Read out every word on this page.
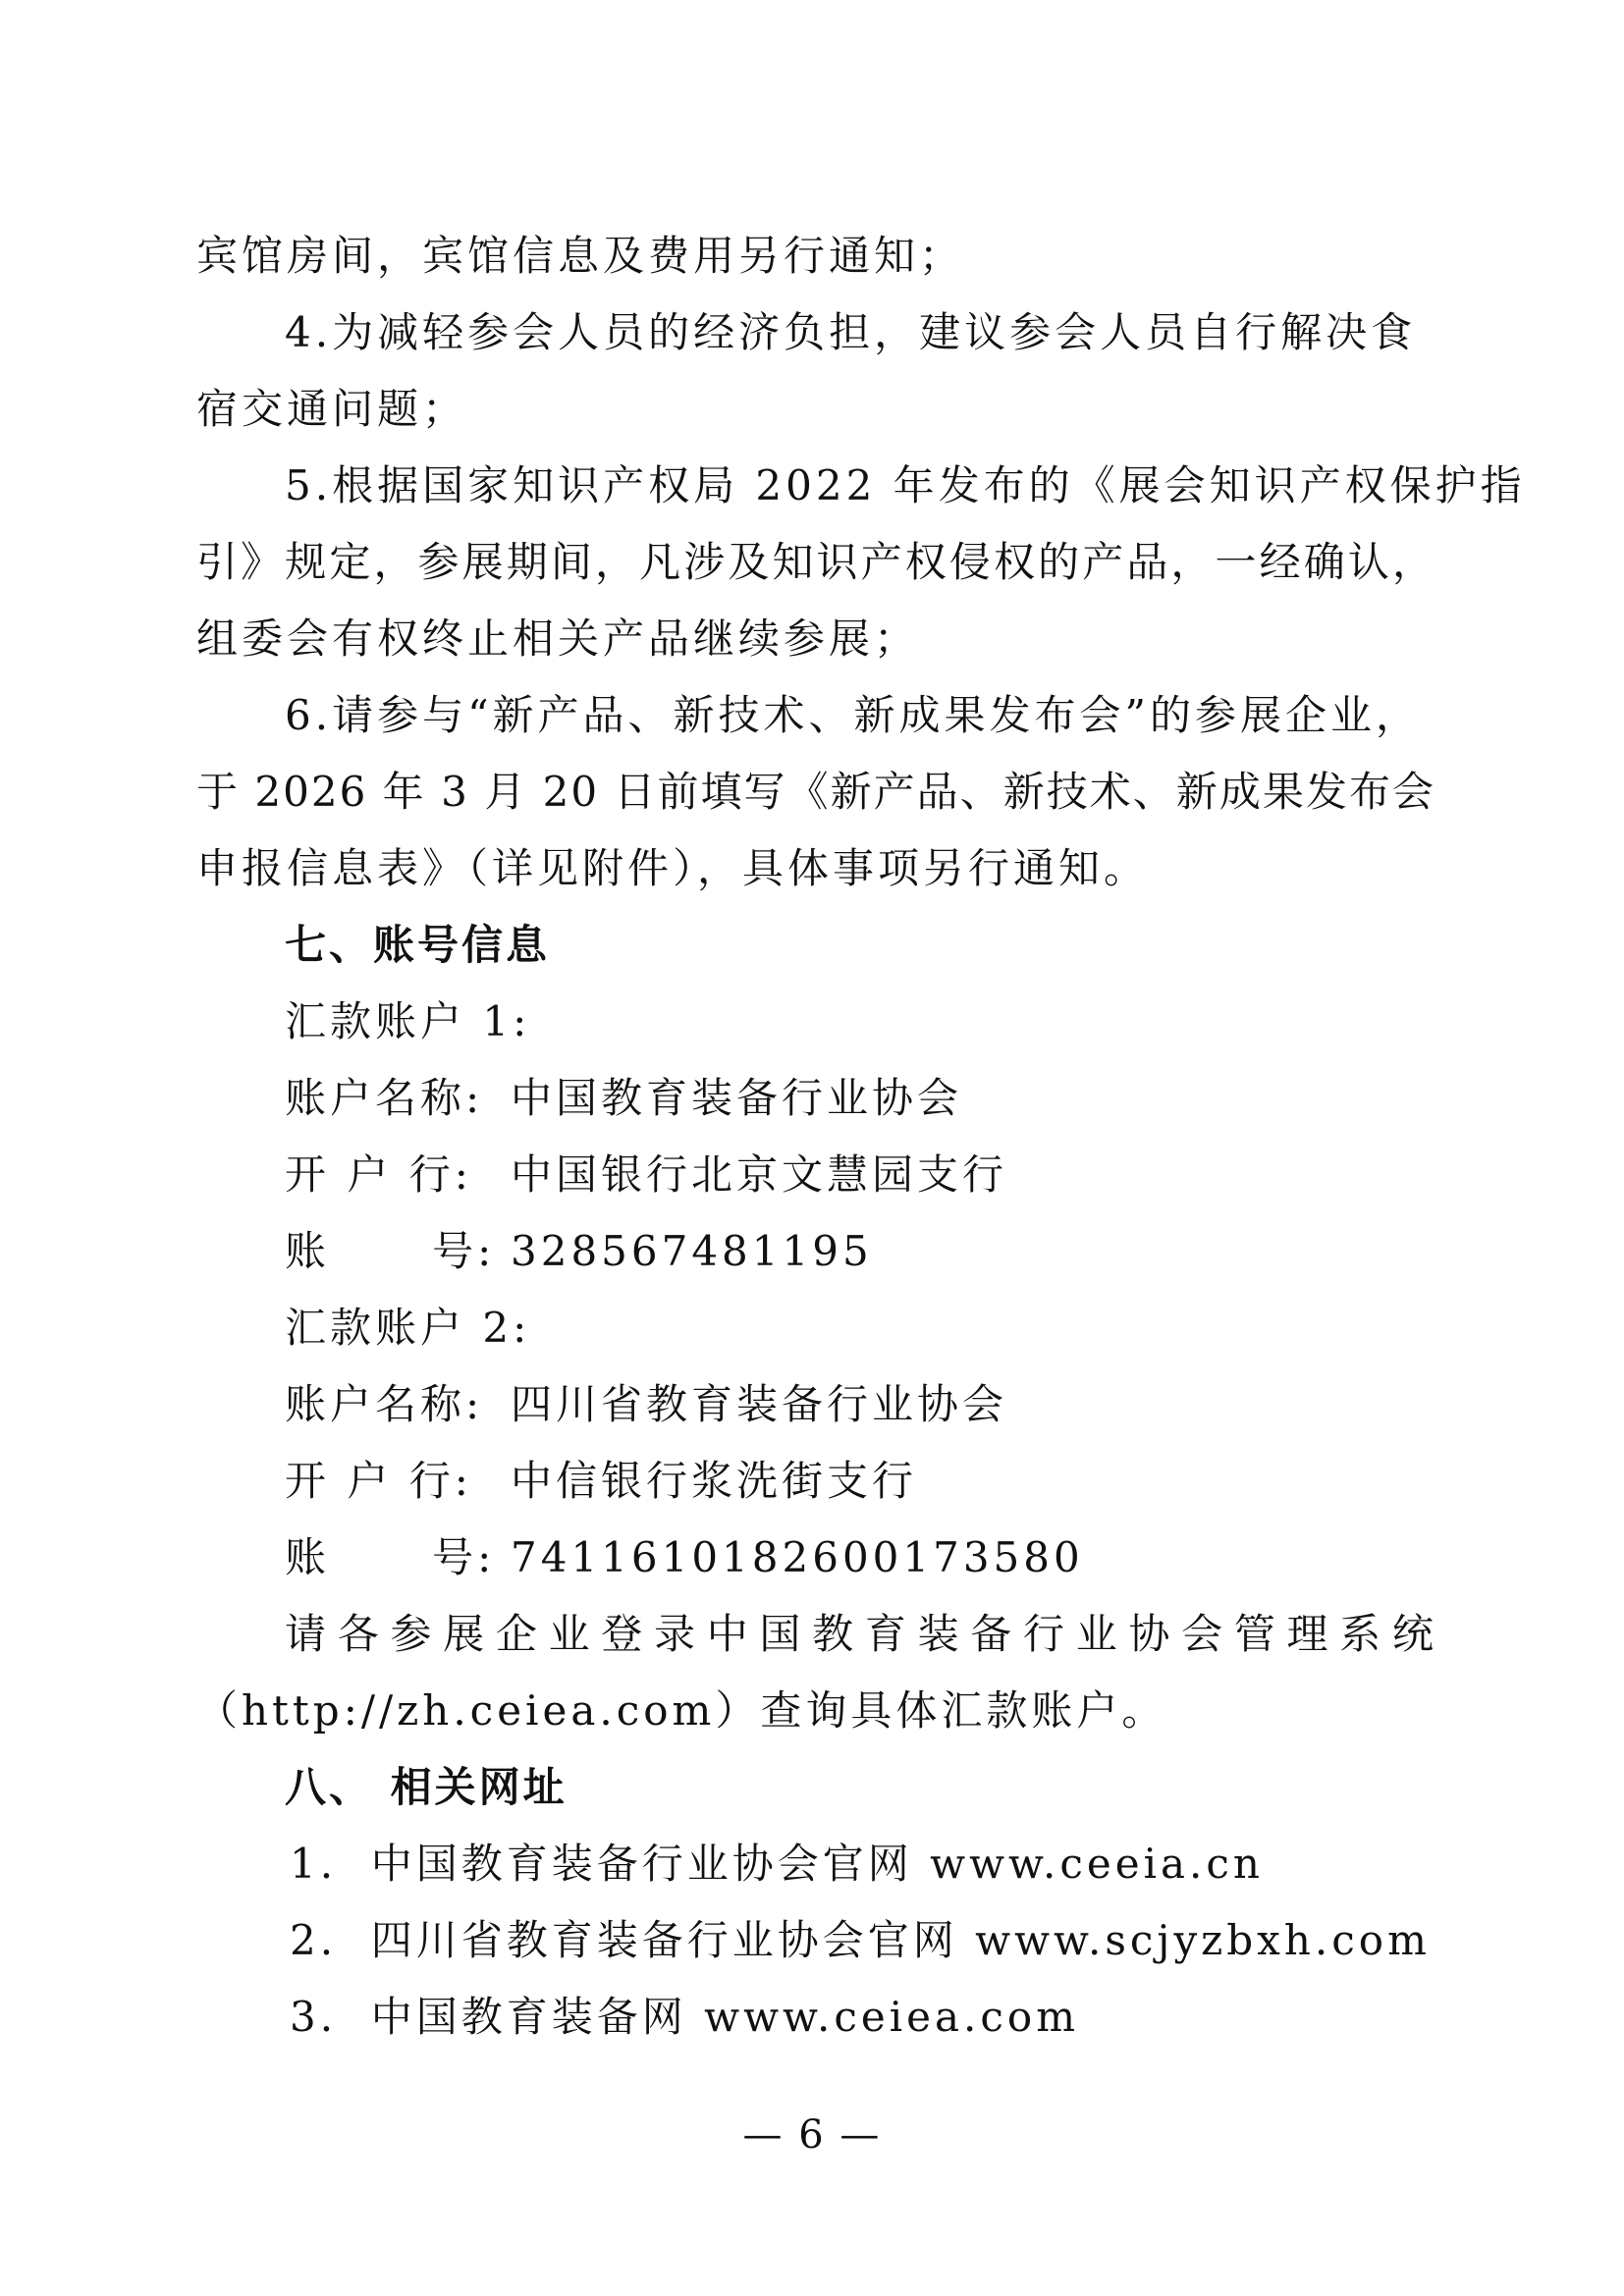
宾馆房间，宾馆信息及费用另行通知；
4.为减轻参会人员的经济负担，建议参会人员自行解决食
宿交通问题；
5.根据国家知识产权局 2022 年发布的《展会知识产权保护指
引》规定，参展期间，凡涉及知识产权侵权的产品，一经确认，
组委会有权终止相关产品继续参展；
6.请参与“新产品、新技术、新成果发布会”的参展企业，
于 2026 年 3 月 20 日前填写《新产品、新技术、新成果发布会
申报信息表》（详见附件），具体事项另行通知。
七、账号信息
汇款账户 1:
账户名称: 中国教育装备行业协会
开 户 行: 中国银行北京文慧园支行
账      号: 328567481195
汇款账户 2:
账户名称: 四川省教育装备行业协会
开 户 行: 中信银行浆洗街支行
账      号: 7411610182600173580
请各参展企业登录中国教育装备行业协会管理系统
（http://zh.ceiea.com）查询具体汇款账户。
八、 相关网址
1.  中国教育装备行业协会官网 www.ceeia.cn
2.  四川省教育装备行业协会官网 www.scjyzbxh.com
3.  中国教育装备网 www.ceiea.com
— 6 —
